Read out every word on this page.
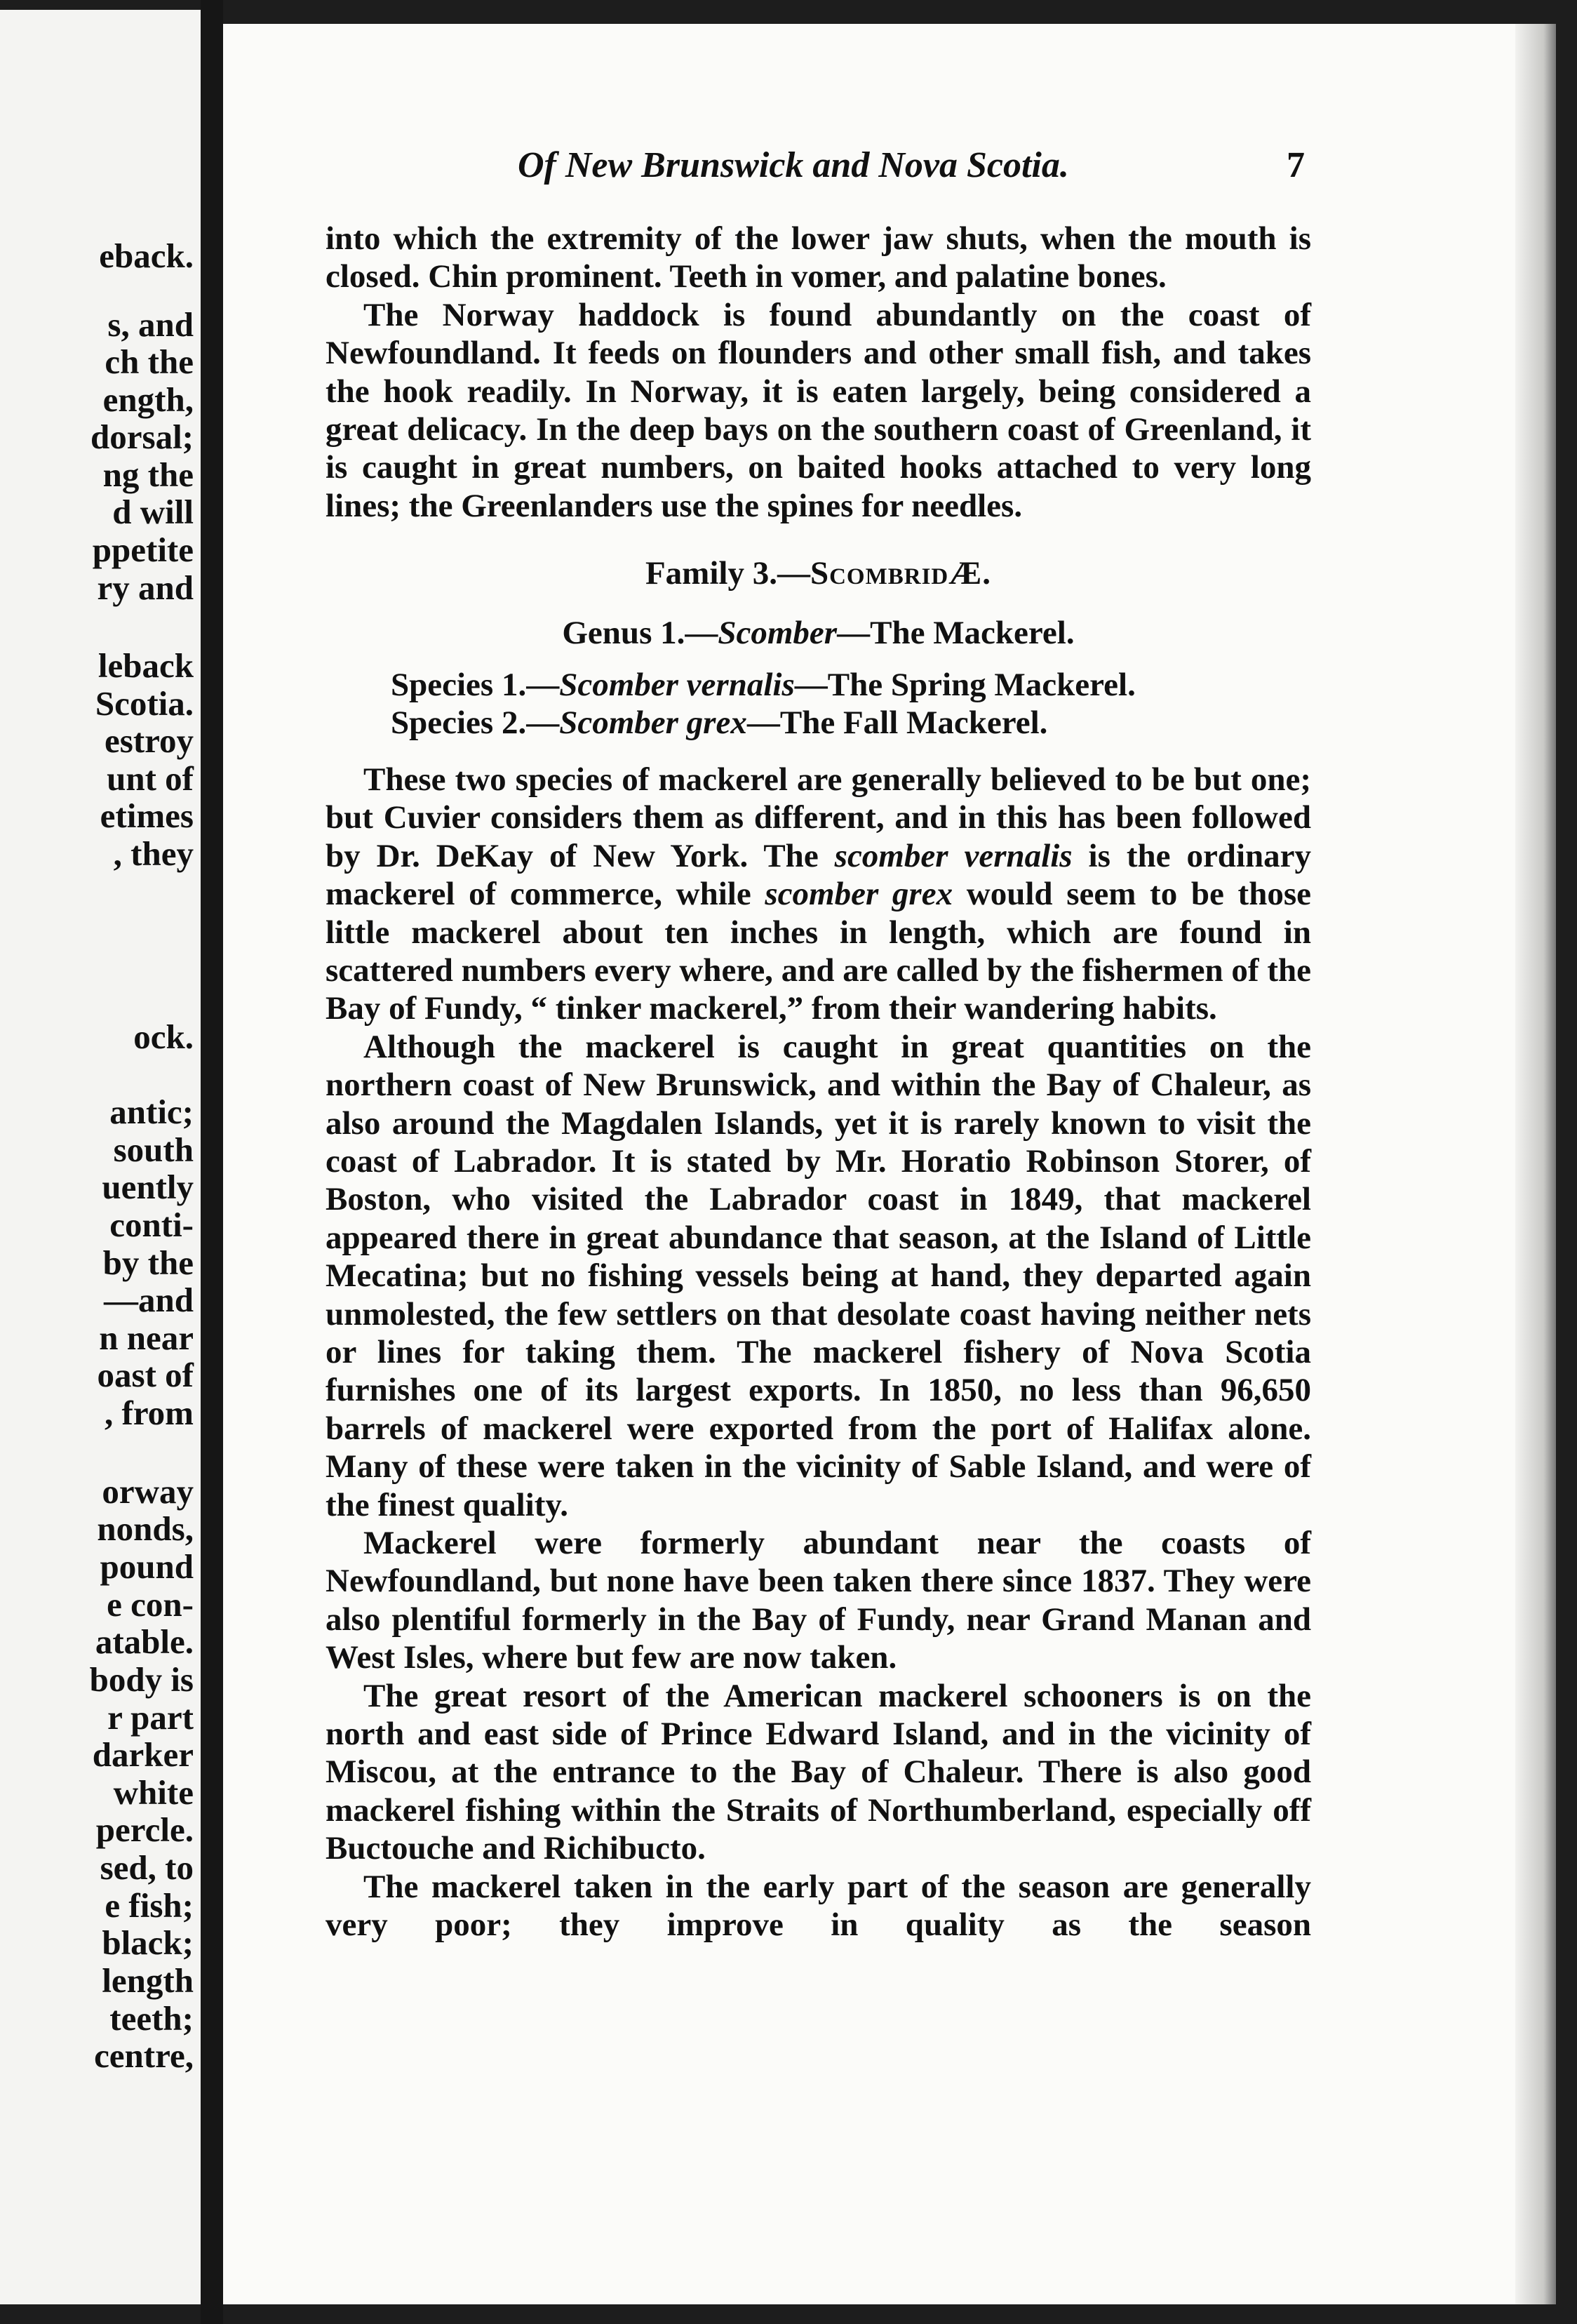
eback.
s, and
ch the
ength,
dorsal;
ng the
d will
ppetite
ry and
leback
Scotia.
estroy
unt of
etimes
, they
ock.
antic;
south
uently
conti-
by the
—and
n near
oast of
, from
orway
nonds,
pound
e con-
atable.
body is
r part
darker
white
percle.
sed, to
e fish;
black;
length
teeth;
centre,
Of New Brunswick and Nova Scotia.	7

into which the extremity of the lower jaw shuts, when the mouth is closed. Chin prominent. Teeth in vomer, and palatine bones.

The Norway haddock is found abundantly on the coast of Newfoundland. It feeds on flounders and other small fish, and takes the hook readily. In Norway, it is eaten largely, being considered a great delicacy. In the deep bays on the southern coast of Greenland, it is caught in great numbers, on baited hooks attached to very long lines; the Greenlanders use the spines for needles.

Family 3.—ScombridÆ.

Genus 1.—Scomber—The Mackerel.

Species 1.—Scomber vernalis—The Spring Mackerel.

Species 2.—Scomber grex—The Fall Mackerel.

These two species of mackerel are generally believed to be but one; but Cuvier considers them as different, and in this has been followed by Dr. DeKay of New York. The scomber vernalis is the ordinary mackerel of commerce, while scomber grex would seem to be those little mackerel about ten inches in length, which are found in scattered numbers every where, and are called by the fishermen of the Bay of Fundy, “ tinker mackerel,” from their wandering habits.

Although the mackerel is caught in great quantities on the northern coast of New Brunswick, and within the Bay of Chaleur, as also around the Magdalen Islands, yet it is rarely known to visit the coast of Labrador. It is stated by Mr. Horatio Robinson Storer, of Boston, who visited the Labrador coast in 1849, that mackerel appeared there in great abundance that season, at the Island of Little Mecatina; but no fishing vessels being at hand, they departed again unmolested, the few settlers on that desolate coast having neither nets or lines for taking them. The mackerel fishery of Nova Scotia furnishes one of its largest exports. In 1850, no less than 96,650 barrels of mackerel were exported from the port of Halifax alone. Many of these were taken in the vicinity of Sable Island, and were of the finest quality.

Mackerel were formerly abundant near the coasts of Newfoundland, but none have been taken there since 1837. They were also plentiful formerly in the Bay of Fundy, near Grand Manan and West Isles, where but few are now taken.

The great resort of the American mackerel schooners is on the north and east side of Prince Edward Island, and in the vicinity of Miscou, at the entrance to the Bay of Chaleur. There is also good mackerel fishing within the Straits of Northumberland, especially off Buctouche and Richibucto.

The mackerel taken in the early part of the season are generally very poor; they improve in quality as the season
